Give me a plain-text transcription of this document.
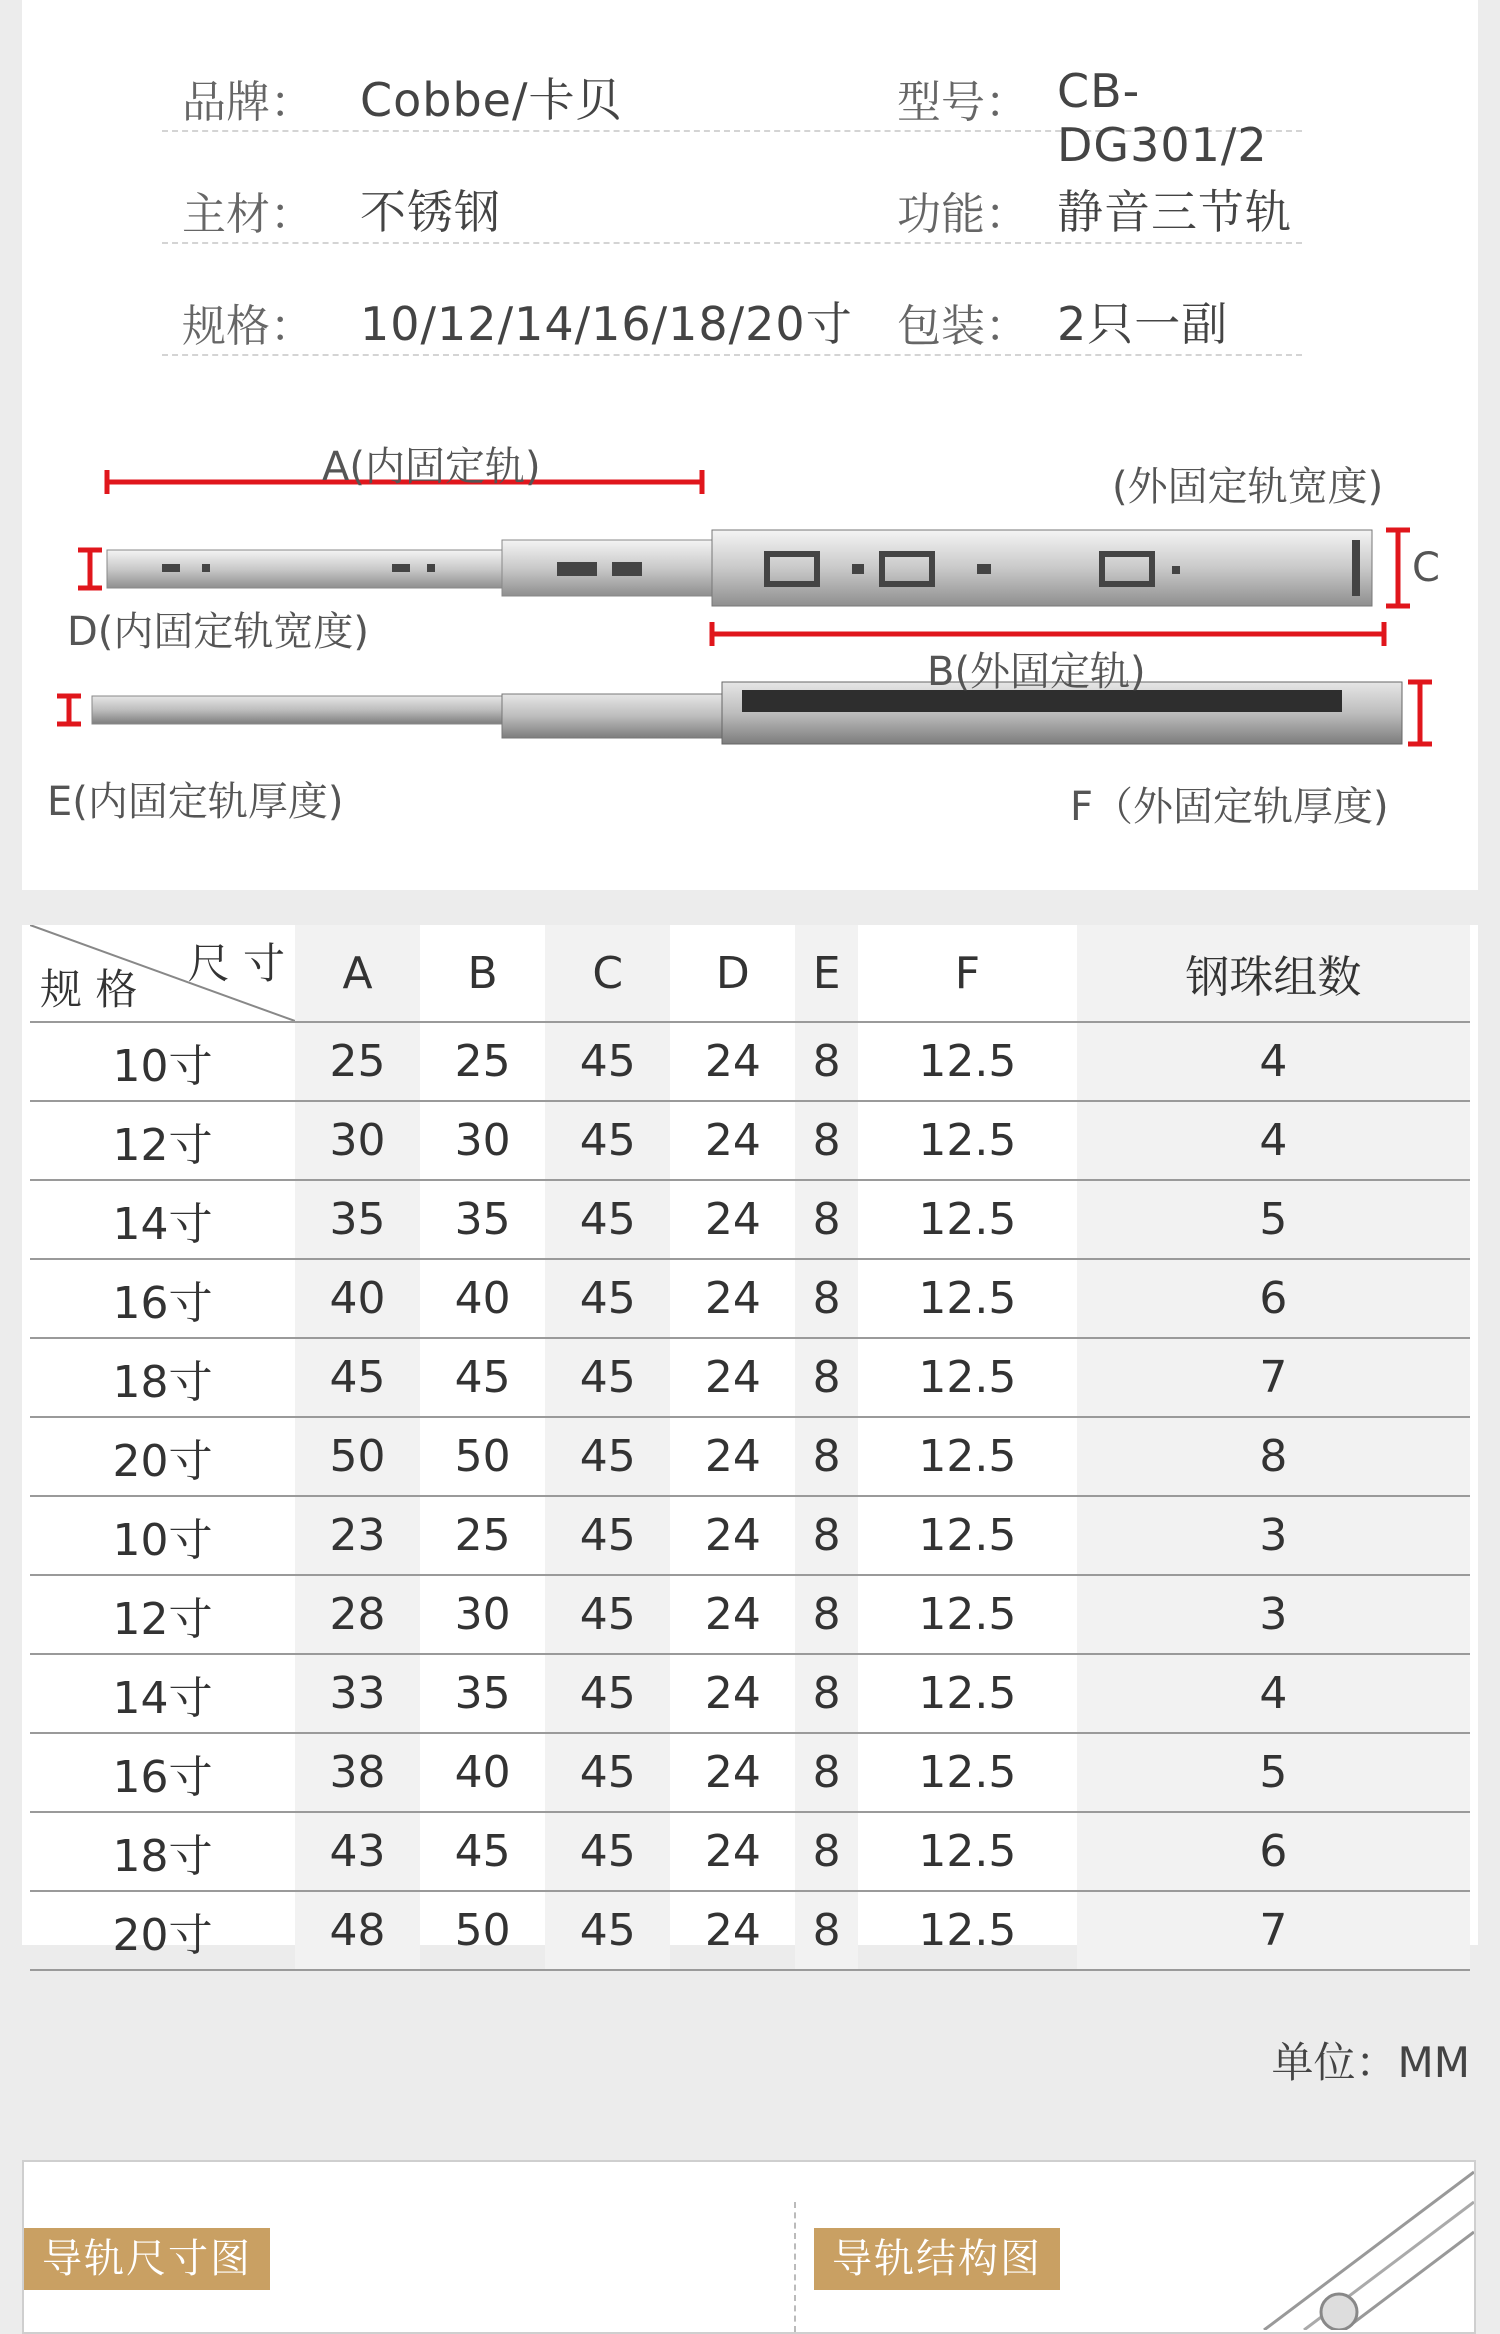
品牌： Cobbe/卡贝	型号： CB-DG301/2
主材： 不锈钢	功能： 静音三节轨
规格： 10/12/14/16/18/20寸 包装： 2只一副
A(内固定轨)	(外固定轨宽度)
C
D(内固定轨宽度)
B(外固定轨)
E(内固定轨厚度)	F（外固定轨厚度)
尺 寸
规 格	A	B	C	D	E	F	钢珠组数
10寸	25	25	45	24	8	12.5	4
12寸	30	30	45	24	8	12.5	4
14寸	35	35	45	24	8	12.5	5
16寸	40	40	45	24	8	12.5	6
18寸	45	45	45	24	8	12.5	7
20寸	50	50	45	24	8	12.5	8
10寸	23	25	45	24	8	12.5	3
12寸	28	30	45	24	8	12.5	3
14寸	33	35	45	24	8	12.5	4
16寸	38	40	45	24	8	12.5	5
18寸	43	45	45	24	8	12.5	6
20寸	48	50	45	24	8	12.5	7
单位：MM
导轨尺寸图	导轨结构图
